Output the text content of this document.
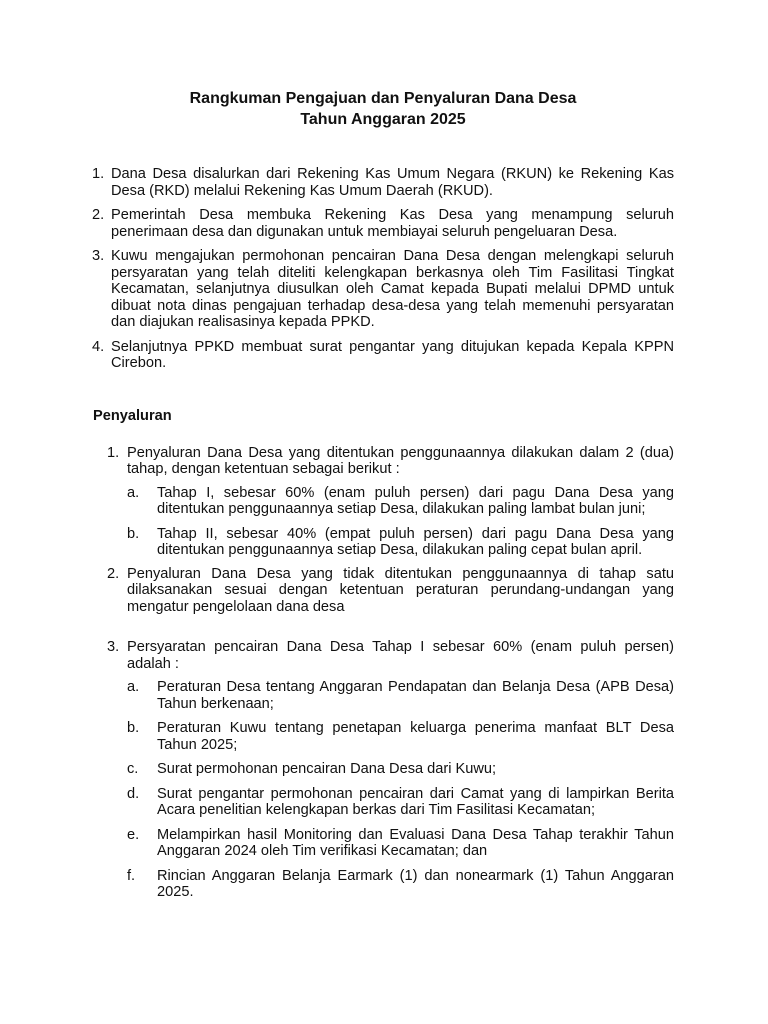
Rangkuman Pengajuan dan Penyaluran Dana Desa
Tahun Anggaran 2025
1. Dana Desa disalurkan dari Rekening Kas Umum Negara (RKUN) ke Rekening Kas Desa (RKD) melalui Rekening Kas Umum Daerah (RKUD).
2. Pemerintah Desa membuka Rekening Kas Desa yang menampung seluruh penerimaan desa dan digunakan untuk membiayai seluruh pengeluaran Desa.
3. Kuwu mengajukan permohonan pencairan Dana Desa dengan melengkapi seluruh persyaratan yang telah diteliti kelengkapan berkasnya oleh Tim Fasilitasi Tingkat Kecamatan, selanjutnya diusulkan oleh Camat kepada Bupati melalui DPMD untuk dibuat nota dinas pengajuan terhadap desa-desa yang telah memenuhi persyaratan dan diajukan realisasinya kepada PPKD.
4. Selanjutnya PPKD membuat surat pengantar yang ditujukan kepada Kepala KPPN Cirebon.
Penyaluran
1. Penyaluran Dana Desa yang ditentukan penggunaannya dilakukan dalam 2 (dua) tahap, dengan ketentuan sebagai berikut :
a. Tahap I, sebesar 60% (enam puluh persen) dari pagu Dana Desa yang ditentukan penggunaannya setiap Desa, dilakukan paling lambat bulan juni;
b. Tahap II, sebesar 40% (empat puluh persen) dari pagu Dana Desa yang ditentukan penggunaannya setiap Desa, dilakukan paling cepat bulan april.
2. Penyaluran Dana Desa yang tidak ditentukan penggunaannya di tahap satu dilaksanakan sesuai dengan ketentuan peraturan perundang-undangan yang mengatur pengelolaan dana desa
3. Persyaratan pencairan Dana Desa Tahap I sebesar 60% (enam puluh persen) adalah :
a. Peraturan Desa tentang Anggaran Pendapatan dan Belanja Desa (APB Desa) Tahun berkenaan;
b. Peraturan Kuwu tentang penetapan keluarga penerima manfaat BLT Desa Tahun 2025;
c. Surat permohonan pencairan Dana Desa dari Kuwu;
d. Surat pengantar permohonan pencairan dari Camat yang di lampirkan Berita Acara penelitian kelengkapan berkas dari Tim Fasilitasi Kecamatan;
e. Melampirkan hasil Monitoring dan Evaluasi Dana Desa Tahap terakhir Tahun Anggaran 2024 oleh Tim verifikasi Kecamatan; dan
f. Rincian Anggaran Belanja Earmark (1) dan nonearmark (1) Tahun Anggaran 2025.
